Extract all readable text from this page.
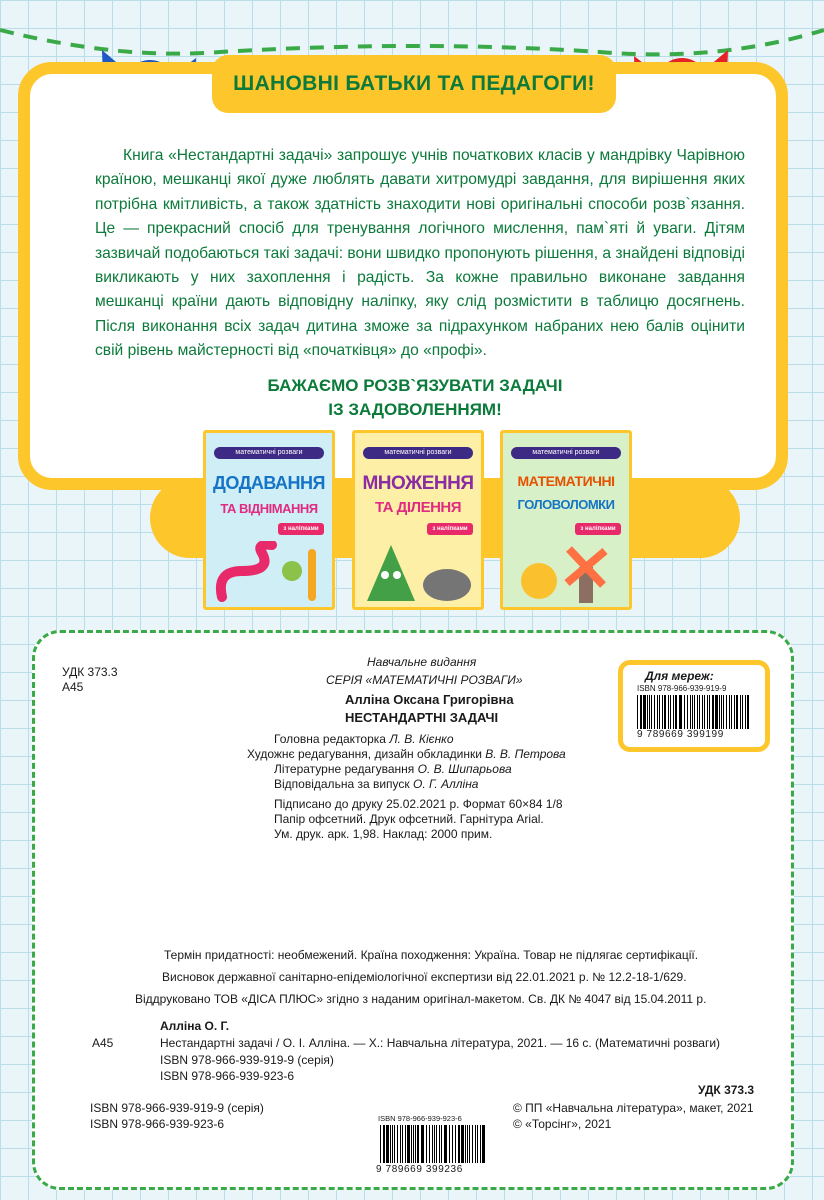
ШАНОВНІ БАТЬКИ ТА ПЕДАГОГИ!

Книга «Нестандартні задачі» запрошує учнів початкових класів у мандрівку Чарівною країною, мешканці якої дуже люблять давати хитромудрі завдання, для вирішення яких потрібна кмітливість, а також здатність знаходити нові оригінальні способи розв`язання. Це — прекрасний спосіб для тренування логічного мислення, пам`яті й уваги. Дітям зазвичай подобаються такі задачі: вони швидко пропонують рішення, а знайдені відповіді викликають у них захоплення і радість. За кожне правильно виконане завдання мешканці країни дають відповідну наліпку, яку слід розмістити в таблицю досягнень. Після виконання всіх задач дитина зможе за підрахунком набраних нею балів оцінити свій рівень майстерності від «початківця» до «профі».

БАЖАЄМО РОЗВ`ЯЗУВАТИ ЗАДАЧІ
ІЗ ЗАДОВОЛЕННЯМ!
математичні розваги
ДОДАВАННЯ
ТА ВІДНІМАННЯ
з наліпками
математичні розваги
МНОЖЕННЯ
ТА ДІЛЕННЯ
з наліпками
математичні розваги
МАТЕМАТИЧНІ
ГОЛОВОЛОМКИ
з наліпками
УДК 373.3
А45
Навчальне видання
СЕРІЯ «МАТЕМАТИЧНІ РОЗВАГИ»
Алліна Оксана Григорівна
НЕСТАНДАРТНІ ЗАДАЧІ
Головна редакторка Л. В. Кієнко
Художнє редагування, дизайн обкладинки В. В. Петрова
Літературне редагування О. В. Шипарьова
Відповідальна за випуск О. Г. Алліна
Підписано до друку 25.02.2021 р. Формат 60×84 1/8
Папір офсетний. Друк офсетний. Гарнітура Arial.
Ум. друк. арк. 1,98. Наклад: 2000 прим.
Для мереж:
ISBN 978-966-939-919-9
9 789669 399199
Термін придатності: необмежений. Країна походження: Україна. Товар не підлягає сертифікації.
Висновок державної санітарно-епідеміологічної експертизи від 22.01.2021 р. № 12.2-18-1/629.
Віддруковано ТОВ «ДІСА ПЛЮС» згідно з наданим оригінал-макетом. Св. ДК № 4047 від 15.04.2011 р.
Алліна О. Г.
А45	Нестандартні задачі / О. І. Алліна. — Х.: Навчальна література, 2021. — 16 с. (Математичні розваги)
ISBN 978-966-939-919-9 (серія)
ISBN 978-966-939-923-6
УДК 373.3
ISBN 978-966-939-919-9 (серія)
ISBN 978-966-939-923-6	ISBN 978-966-939-923-6
9 789669 399236
© ПП «Навчальна література», макет, 2021
© «Торсінг», 2021
